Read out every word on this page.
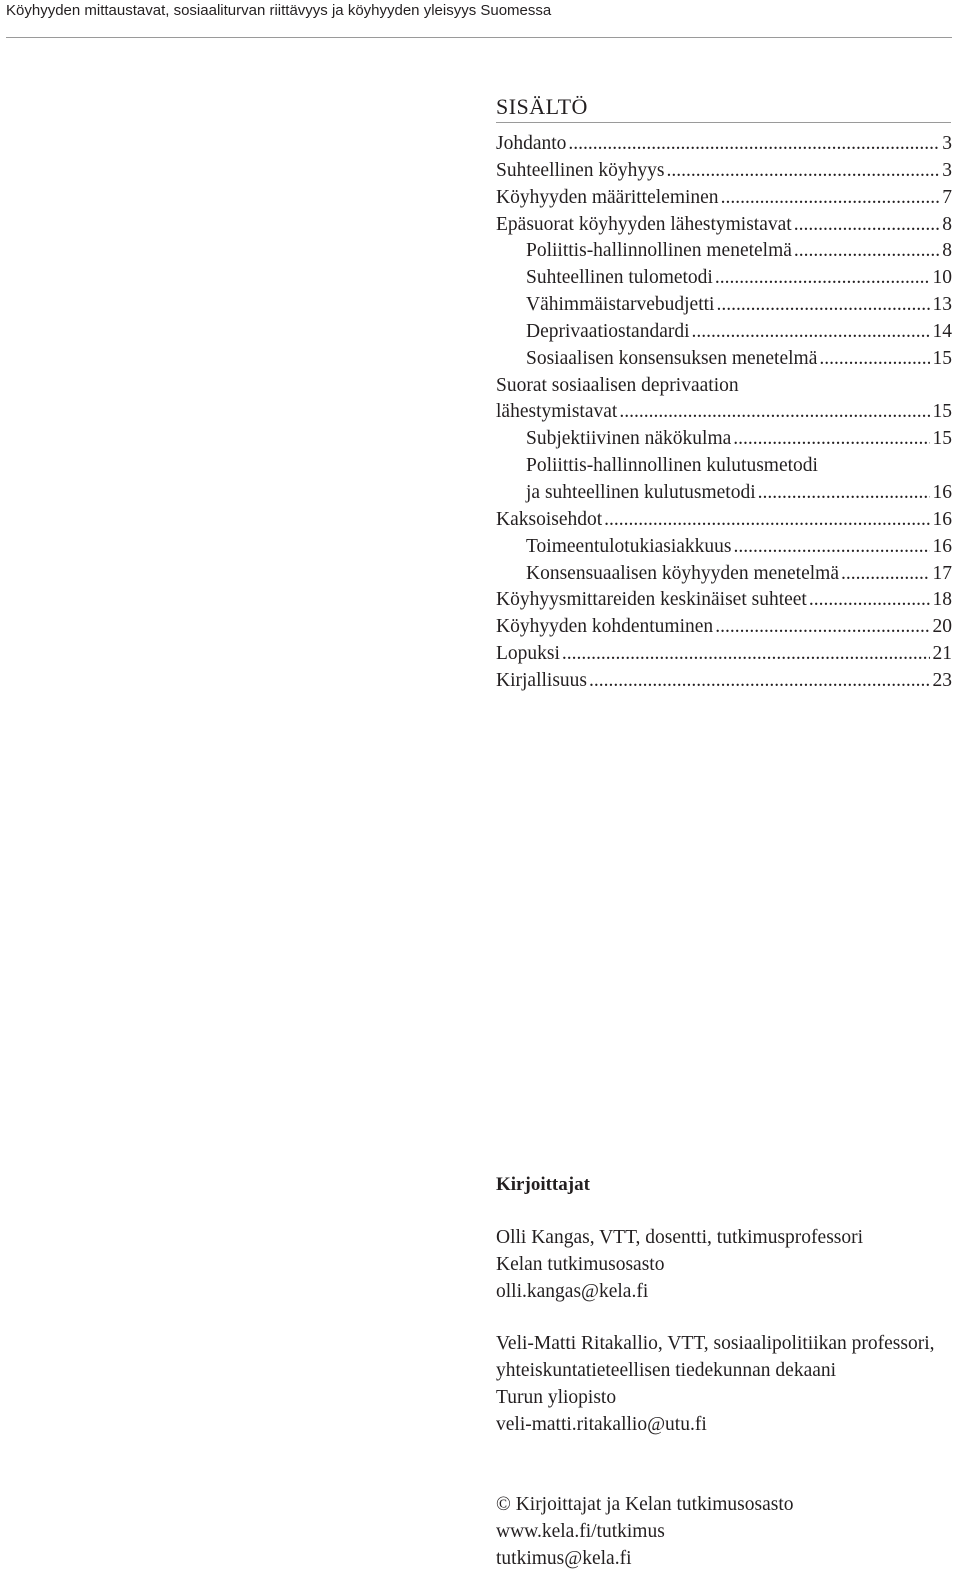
Köyhyyden mittaustavat, sosiaaliturvan riittävyys ja köyhyyden yleisyys Suomessa
SISÄLTÖ
Johdanto .....	3
Suhteellinen köyhyys .....	3
Köyhyyden määritteleminen .....	7
Epäsuorat köyhyyden lähestymistavat .....	8
Poliittis-hallinnollinen menetelmä .....	8
Suhteellinen tulometodi .....	10
Vähimmäistarvebudjetti .....	13
Deprivaatiostandardi .....	14
Sosiaalisen konsensuksen menetelmä .....	15
Suorat sosiaalisen deprivaation
lähestymistavat .....	15
Subjektiivinen näkökulma .....	15
Poliittis-hallinnollinen kulutusmetodi
ja suhteellinen kulutusmetodi .....	16
Kaksoisehdot .....	16
Toimeentulotukiasiakkuus .....	16
Konsensuaalisen köyhyyden menetelmä .....	17
Köyhyysmittareiden keskinäiset suhteet .....	18
Köyhyyden kohdentuminen .....	20
Lopuksi .....	21
Kirjallisuus .....	23
Kirjoittajat
Olli Kangas, VTT, dosentti, tutkimusprofessori
Kelan tutkimusosasto
olli.kangas@kela.fi
Veli-Matti Ritakallio, VTT, sosiaalipolitiikan professori,
yhteiskuntatieteellisen tiedekunnan dekaani
Turun yliopisto
veli-matti.ritakallio@utu.fi
© Kirjoittajat ja Kelan tutkimusosasto
www.kela.fi/tutkimus
tutkimus@kela.fi
